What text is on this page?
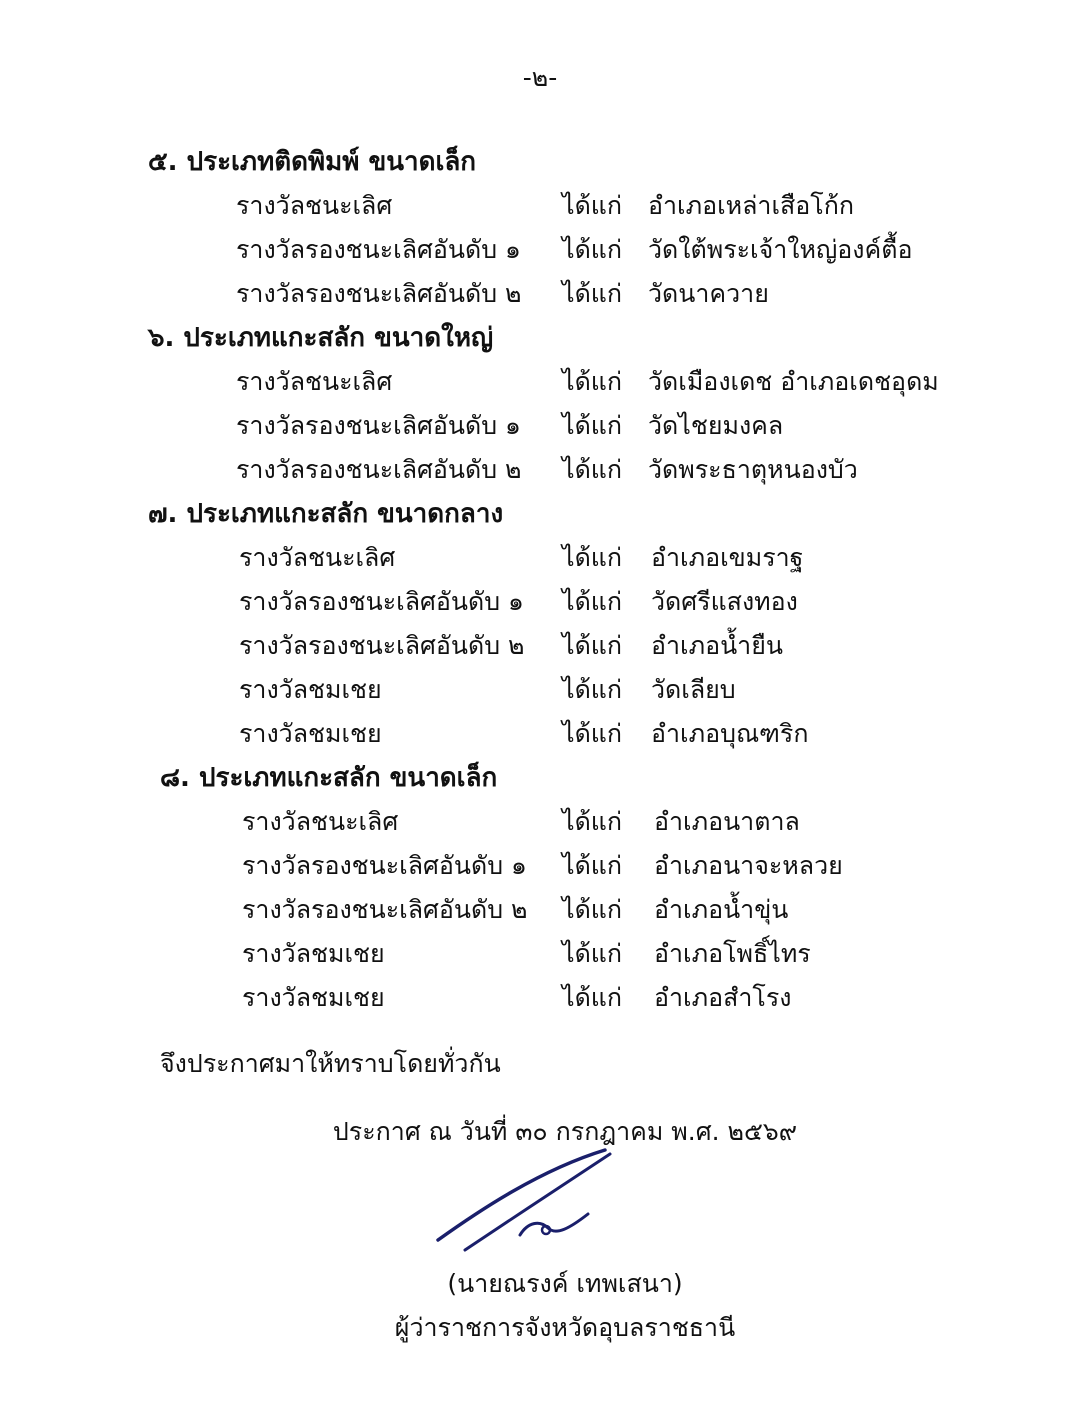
-๒-
๕. ประเภทติดพิมพ์ ขนาดเล็ก
รางวัลชนะเลิศ	ได้แก่ อำเภอเหล่าเสือโก้ก
รางวัลรองชนะเลิศอันดับ ๑ ได้แก่ วัดใต้พระเจ้าใหญ่องค์ตื้อ
รางวัลรองชนะเลิศอันดับ ๒ ได้แก่ วัดนาควาย
๖. ประเภทแกะสลัก ขนาดใหญ่
รางวัลชนะเลิศ	ได้แก่ วัดเมืองเดช อำเภอเดชอุดม
รางวัลรองชนะเลิศอันดับ ๑ ได้แก่ วัดไชยมงคล
รางวัลรองชนะเลิศอันดับ ๒ ได้แก่ วัดพระธาตุหนองบัว
๗. ประเภทแกะสลัก ขนาดกลาง
รางวัลชนะเลิศ	ได้แก่ อำเภอเขมราฐ
รางวัลรองชนะเลิศอันดับ ๑ ได้แก่ วัดศรีแสงทอง
รางวัลรองชนะเลิศอันดับ ๒ ได้แก่ อำเภอน้ำยืน
รางวัลชมเชย	ได้แก่ วัดเลียบ
รางวัลชมเชย	ได้แก่ อำเภอบุณฑริก
๘. ประเภทแกะสลัก ขนาดเล็ก
รางวัลชนะเลิศ	ได้แก่ อำเภอนาตาล
รางวัลรองชนะเลิศอันดับ ๑ ได้แก่ อำเภอนาจะหลวย
รางวัลรองชนะเลิศอันดับ ๒ ได้แก่ อำเภอน้ำขุ่น
รางวัลชมเชย	ได้แก่ อำเภอโพธิ์ไทร
รางวัลชมเชย	ได้แก่ อำเภอสำโรง
จึงประกาศมาให้ทราบโดยทั่วกัน
ประกาศ ณ วันที่ ๓๐ กรกฎาคม พ.ศ. ๒๕๖๙
(นายณรงค์ เทพเสนา)
ผู้ว่าราชการจังหวัดอุบลราชธานี
